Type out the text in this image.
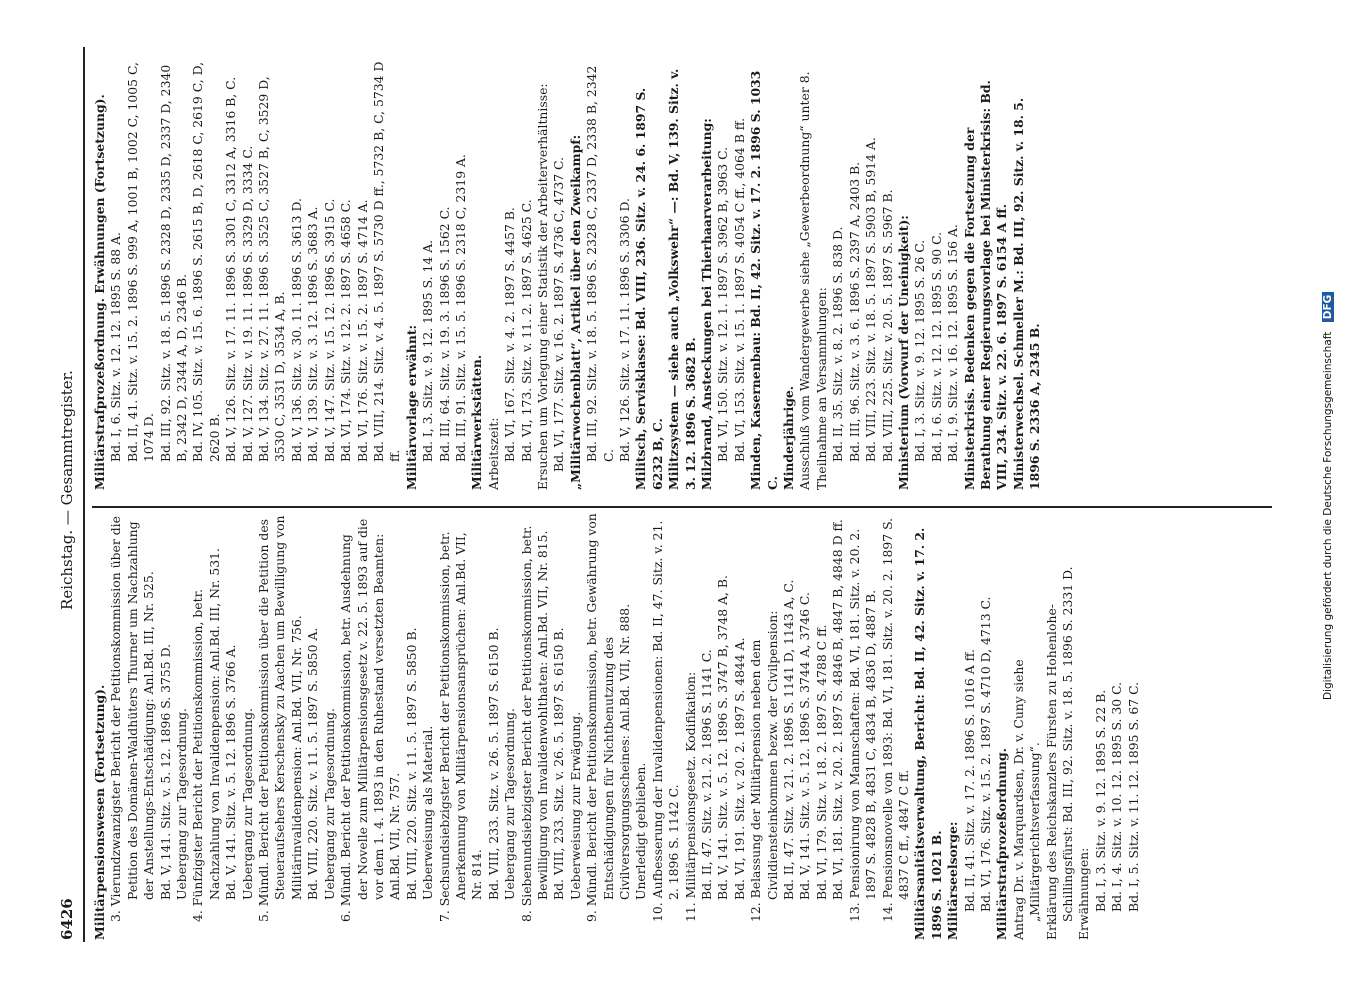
6426
Reichstag. — Gesammtregister.
Militärpensionswesen (Fortsetzung). 3. Vierundzwanzigster Bericht der Petitionskommission über die Petition des Domänen-Waldhüters Thurner um Nachzahlung der Anstellungs-Entschädigung: Anl.Bd. III, Nr. 525. Bd. V, 141. Sitz. v. 5. 12. 1896 S. 3755 D. Uebergang zur Tagesordnung. 4. Fünfzigster Bericht der Petitionskommission, betr. Nachzahlung von Invalidenpension: Anl.Bd. III, Nr. 531. Bd. V, 141. Sitz. v. 5. 12. 1896 S. 3766 A. Uebergang zur Tagesordnung. 5. Mündl. Bericht der Petitionskommission über die Petition des Steueraufsehers Kerschensky zu Aachen um Bewilligung von Militärinvalidenpension: Anl.Bd. VII, Nr. 756. Bd. VIII, 220. Sitz. v. 11. 5. 1897 S. 5850 A. Uebergang zur Tagesordnung. 6. Mündl. Bericht der Petitionskommission, betr. Ausdehnung der Novelle zum Militärpensionsgesetz v. 22. 5. 1893 auf die vor dem 1. 4. 1893 in den Ruhestand versetzten Beamten: Anl.Bd. VII, Nr. 757. Bd. VIII, 220. Sitz. v. 11. 5. 1897 S. 5850 B. Ueberweisung als Material. 7. Sechsundsiebzigster Bericht der Petitionskommission, betr. Anerkennung von Militärpensionsansprüchen: Anl.Bd. VII, Nr. 814. Bd. VIII, 233. Sitz. v. 26. 5. 1897 S. 6150 B. Uebergang zur Tagesordnung. 8. Siebenundsiebzigster Bericht der Petitionskommission, betr. Bewilligung von Invalidenwohlthaten: Anl.Bd. VII, Nr. 815. Bd. VIII, 233. Sitz. v. 26. 5. 1897 S. 6150 B. Ueberweisung zur Erwägung. 9. Mündl. Bericht der Petitionskommission, betr. Gewährung von Entschädigungen für Nichtbenutzung des Civilversorgungsscheines: Anl.Bd. VII, Nr. 888. Unerledigt geblieben. 10. Aufbesserung der Invalidenpensionen: Bd. II, 47. Sitz. v. 21. 2. 1896 S. 1142 C. 11. Militärpensionsgesetz. Kodifikation: Bd. II, 47. Sitz. v. 21. 2. 1896 S. 1141 C. Bd. V, 141. Sitz. v. 5. 12. 1896 S. 3747 B, 3748 A, B. Bd. VI, 191. Sitz. v. 20. 2. 1897 S. 4844 A. 12. Belassung der Militärpension neben dem Civildiensteinkommen bezw. der Civilpension: Bd. II, 47. Sitz. v. 21. 2. 1896 S. 1141 D, 1143 A, C. Bd. V, 141. Sitz. v. 5. 12. 1896 S. 3744 A, 3746 C. Bd. VI, 179. Sitz. v. 18. 2. 1897 S. 4788 C ff. Bd. VI, 181. Sitz. v. 20. 2. 1897 S. 4846 B, 4847 B, 4848 D ff. 13. Pensionirung von Mannschaften: Bd. VI, 181. Sitz. v. 20. 2. 1897 S. 4828 B, 4831 C, 4834 B, 4836 D, 4887 B. 14. Pensionsnovelle von 1893: Bd. VI, 181. Sitz. v. 20. 2. 1897 S. 4837 C ff., 4847 C ff. Militärsanitätsverwaltung, Bericht: Bd. II, 42. Sitz. v. 17. 2. 1896 S. 1021 B. Militärseelsorge: Bd. II, 41. Sitz. v. 17. 2. 1896 S. 1016 A ff. Bd. VI, 176. Sitz. v. 15. 2. 1897 S. 4710 D, 4713 C. Militärstrafprozeßordnung. Antrag Dr. v. Marquardsen, Dr. v. Cuny siehe „Militärgerichtsverfassung“. Erklärung des Reichskanzlers Fürsten zu Hohenlohe-Schillingsfürst: Bd. III, 92. Sitz. v. 18. 5. 1896 S. 2331 D. Erwähnungen: Bd. I, 3. Sitz. v. 9. 12. 1895 S. 22 B. Bd. I, 4. Sitz. v. 10. 12. 1895 S. 30 C. Bd. I, 5. Sitz. v. 11. 12. 1895 S. 67 C.
Militärstrafprozeßordnung. Erwähnungen (Fortsetzung). Bd. I, 6. Sitz. v. 12. 12. 1895 S. 88 A. Bd. II, 41. Sitz. v. 15. 2. 1896 S. 999 A, 1001 B, 1002 C, 1005 C, 1074 D. Bd. III, 92. Sitz. v. 18. 5. 1896 S. 2328 D, 2335 D, 2337 D, 2340 B, 2342 D, 2344 A, D, 2346 B. Bd. IV, 105. Sitz. v. 15. 6. 1896 S. 2615 B, D, 2618 C, 2619 C, D, 2620 B. Bd. V, 126. Sitz. v. 17. 11. 1896 S. 3301 C, 3312 A, 3316 B, C. Bd. V, 127. Sitz. v. 19. 11. 1896 S. 3329 D, 3334 C. Bd. V, 134. Sitz. v. 27. 11. 1896 S. 3525 C, 3527 B, C, 3529 D, 3530 C, 3531 D, 3534 A, B. Bd. V, 136. Sitz. v. 30. 11. 1896 S. 3613 D. Bd. V, 139. Sitz. v. 3. 12. 1896 S. 3683 A. Bd. V, 147. Sitz. v. 15. 12. 1896 S. 3915 C. Bd. VI, 174. Sitz. v. 12. 2. 1897 S. 4658 C. Bd. VI, 176. Sitz. v. 15. 2. 1897 S. 4714 A. Bd. VIII, 214. Sitz. v. 4. 5. 1897 S. 5730 D ff., 5732 B, C, 5734 D ff. Militärvorlage erwähnt: Bd. I, 3. Sitz. v. 9. 12. 1895 S. 14 A. Bd. III, 64. Sitz. v. 19. 3. 1896 S. 1562 C. Bd. III, 91. Sitz. v. 15. 5. 1896 S. 2318 C, 2319 A. Militärwerkstätten. Arbeitszeit: Bd. VI, 167. Sitz. v. 4. 2. 1897 S. 4457 B. Bd. VI, 173. Sitz. v. 11. 2. 1897 S. 4625 C. Ersuchen um Vorlegung einer Statistik der Arbeiterverhältnisse: Bd. VI, 177. Sitz. v. 16. 2. 1897 S. 4736 C, 4737 C. „Militärwochenblatt“, Artikel über den Zweikampf: Bd. III, 92. Sitz. v. 18. 5. 1896 S. 2328 C, 2337 D, 2338 B, 2342 C. Bd. V, 126. Sitz. v. 17. 11. 1896 S. 3306 D. Militsch, Servisklasse: Bd. VIII, 236. Sitz. v. 24. 6. 1897 S. 6232 B, C. Militzsystem — siehe auch „Volkswehr“ —: Bd. V, 139. Sitz. v. 3. 12. 1896 S. 3682 B. Milzbrand, Ansteckungen bei Thierhaarverarbeitung: Bd. VI, 150. Sitz. v. 12. 1. 1897 S. 3962 B, 3963 C. Bd. VI, 153. Sitz. v. 15. 1. 1897 S. 4054 C ff., 4064 B ff. Minden, Kasernenbau: Bd. II, 42. Sitz. v. 17. 2. 1896 S. 1033 C. Minderjährige. Ausschluß vom Wandergewerbe siehe „Gewerbeordnung“ unter 8. Theilnahme an Versammlungen: Bd. II, 35. Sitz. v. 8. 2. 1896 S. 838 D. Bd. III, 96. Sitz. v. 3. 6. 1896 S. 2397 A, 2403 B. Bd. VIII, 223. Sitz. v. 18. 5. 1897 S. 5903 B, 5914 A. Bd. VIII, 225. Sitz. v. 20. 5. 1897 S. 5967 B. Ministerium (Vorwurf der Uneinigkeit): Bd. I, 3. Sitz. v. 9. 12. 1895 S. 26 C. Bd. I, 6. Sitz. v. 12. 12. 1895 S. 90 C. Bd. I, 9. Sitz. v. 16. 12. 1895 S. 156 A. Ministerkrisis. Bedenken gegen die Fortsetzung der Berathung einer Regierungsvorlage bei Ministerkrisis: Bd. VIII, 234. Sitz. v. 22. 6. 1897 S. 6154 A ff. Ministerwechsel. Schmeller M.: Bd. III, 92. Sitz. v. 18. 5. 1896 S. 2336 A, 2345 B.	Digitalisierung gefördert durch die Deutsche Forschungsgemeinschaft DFG
